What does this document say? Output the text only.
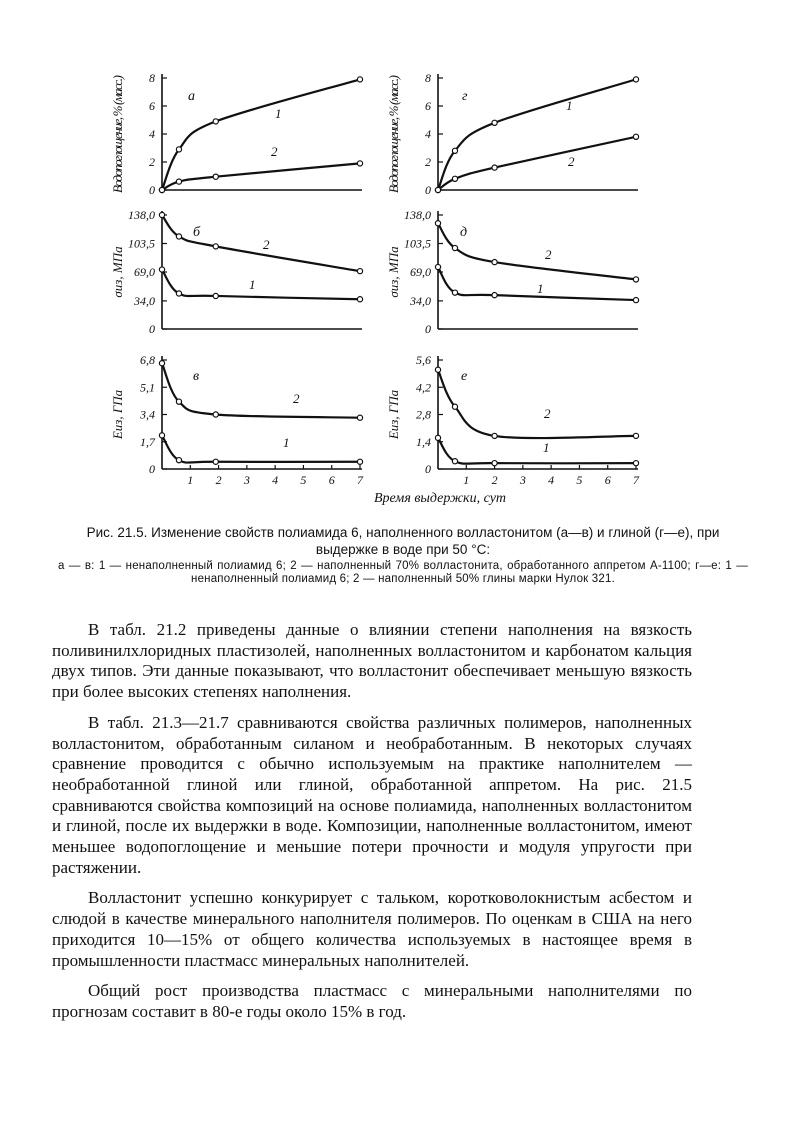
0
2
4
6
8
Водопоглощение, % (масс.)
а
1
2
0
2
4
6
8
Водопоглощение, % (масс.)
г
1
2
0
34,0
69,0
103,5
138,0
σиз, МПа
б
1
2
0
34,0
69,0
103,5
138,0
σиз, МПа
д
1
2
0
1,7
3,4
5,1
6,8
1 2 3 4 5 6 7
Eиз, ГПа
в
1
2
0
1,4
2,8
4,2
5,6
1 2 3 4 5 6 7
Eиз, ГПа
е
1
2
Время выдержки, сут
Рис. 21.5. Изменение свойств полиамида 6, наполненного волластонитом (а—в) и глиной (г—е), при выдержке в воде при 50 °С:
а — в: 1 — ненаполненный полиамид 6; 2 — наполненный 70% волластонита, обработанного аппретом А-1100; г—е: 1 — ненаполненный полиамид 6; 2 — наполненный 50% глины марки Нулок 321.

В табл. 21.2 приведены данные о влиянии степени наполнения на вязкость поливинилхлоридных пластизолей, наполненных волластонитом и карбонатом кальция двух типов. Эти данные показывают, что волластонит обеспечивает меньшую вязкость при более высоких степенях наполнения.

В табл. 21.3—21.7 сравниваются свойства различных полимеров, наполненных волластонитом, обработанным силаном и необработанным. В некоторых случаях сравнение проводится с обычно используемым на практике наполнителем — необработанной глиной или глиной, обработанной аппретом. На рис. 21.5 сравниваются свойства композиций на основе полиамида, наполненных волластонитом и глиной, после их выдержки в воде. Композиции, наполненные волластонитом, имеют меньшее водопоглощение и меньшие потери прочности и модуля упругости при растяжении.

Волластонит успешно конкурирует с тальком, коротковолокнистым асбестом и слюдой в качестве минерального наполнителя полимеров. По оценкам в США на него приходится 10—15% от общего количества используемых в настоящее время в промышленности пластмасс минеральных наполнителей.

Общий рост производства пластмасс с минеральными наполнителями по прогнозам составит в 80-е годы около 15% в год.
